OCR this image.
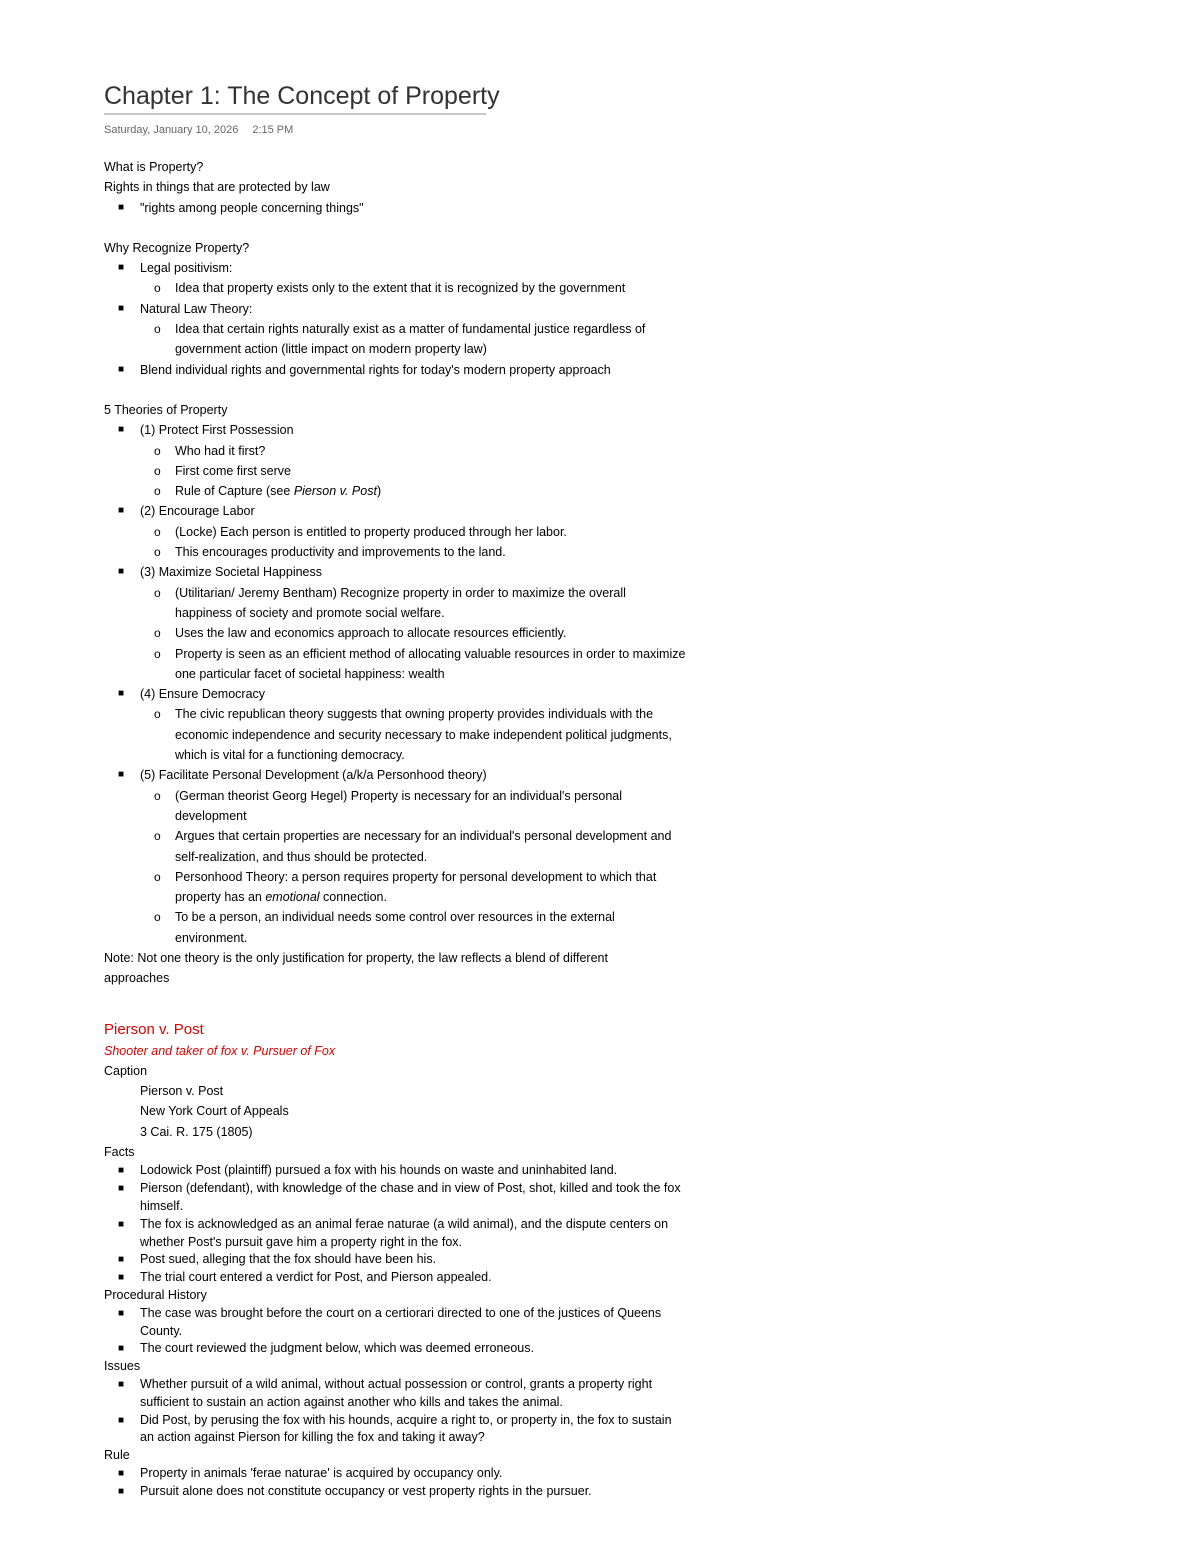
Chapter 1: The Concept of Property
Saturday, January 10, 2026 2:15 PM
What is Property?
Rights in things that are protected by law
■ "rights among people concerning things"
Why Recognize Property?
■ Legal positivism:
o Idea that property exists only to the extent that it is recognized by the government
■ Natural Law Theory:
o Idea that certain rights naturally exist as a matter of fundamental justice regardless of
government action (little impact on modern property law)
■ Blend individual rights and governmental rights for today's modern property approach
5 Theories of Property
■ (1) Protect First Possession
o Who had it first?
o First come first serve
o Rule of Capture (see Pierson v. Post)
■ (2) Encourage Labor
o (Locke) Each person is entitled to property produced through her labor.
o This encourages productivity and improvements to the land.
■ (3) Maximize Societal Happiness
o (Utilitarian/ Jeremy Bentham) Recognize property in order to maximize the overall
happiness of society and promote social welfare.
o Uses the law and economics approach to allocate resources efficiently.
o Property is seen as an efficient method of allocating valuable resources in order to maximize
one particular facet of societal happiness: wealth
■ (4) Ensure Democracy
o The civic republican theory suggests that owning property provides individuals with the
economic independence and security necessary to make independent political judgments,
which is vital for a functioning democracy.
■ (5) Facilitate Personal Development (a/k/a Personhood theory)
o (German theorist Georg Hegel) Property is necessary for an individual's personal
development
o Argues that certain properties are necessary for an individual's personal development and
self-realization, and thus should be protected.
o Personhood Theory: a person requires property for personal development to which that
property has an emotional connection.
o To be a person, an individual needs some control over resources in the external
environment.
Note: Not one theory is the only justification for property, the law reflects a blend of different
approaches
Pierson v. Post
Shooter and taker of fox v. Pursuer of Fox
Caption
Pierson v. Post
New York Court of Appeals
3 Cai. R. 175 (1805)
Facts
■ Lodowick Post (plaintiff) pursued a fox with his hounds on waste and uninhabited land.
■ Pierson (defendant), with knowledge of the chase and in view of Post, shot, killed and took the fox
himself.
■ The fox is acknowledged as an animal ferae naturae (a wild animal), and the dispute centers on
whether Post's pursuit gave him a property right in the fox.
■ Post sued, alleging that the fox should have been his.
■ The trial court entered a verdict for Post, and Pierson appealed.
Procedural History
■ The case was brought before the court on a certiorari directed to one of the justices of Queens
County.
■ The court reviewed the judgment below, which was deemed erroneous.
Issues
■ Whether pursuit of a wild animal, without actual possession or control, grants a property right
sufficient to sustain an action against another who kills and takes the animal.
■ Did Post, by perusing the fox with his hounds, acquire a right to, or property in, the fox to sustain
an action against Pierson for killing the fox and taking it away?
Rule
■ Property in animals 'ferae naturae' is acquired by occupancy only.
■ Pursuit alone does not constitute occupancy or vest property rights in the pursuer.
